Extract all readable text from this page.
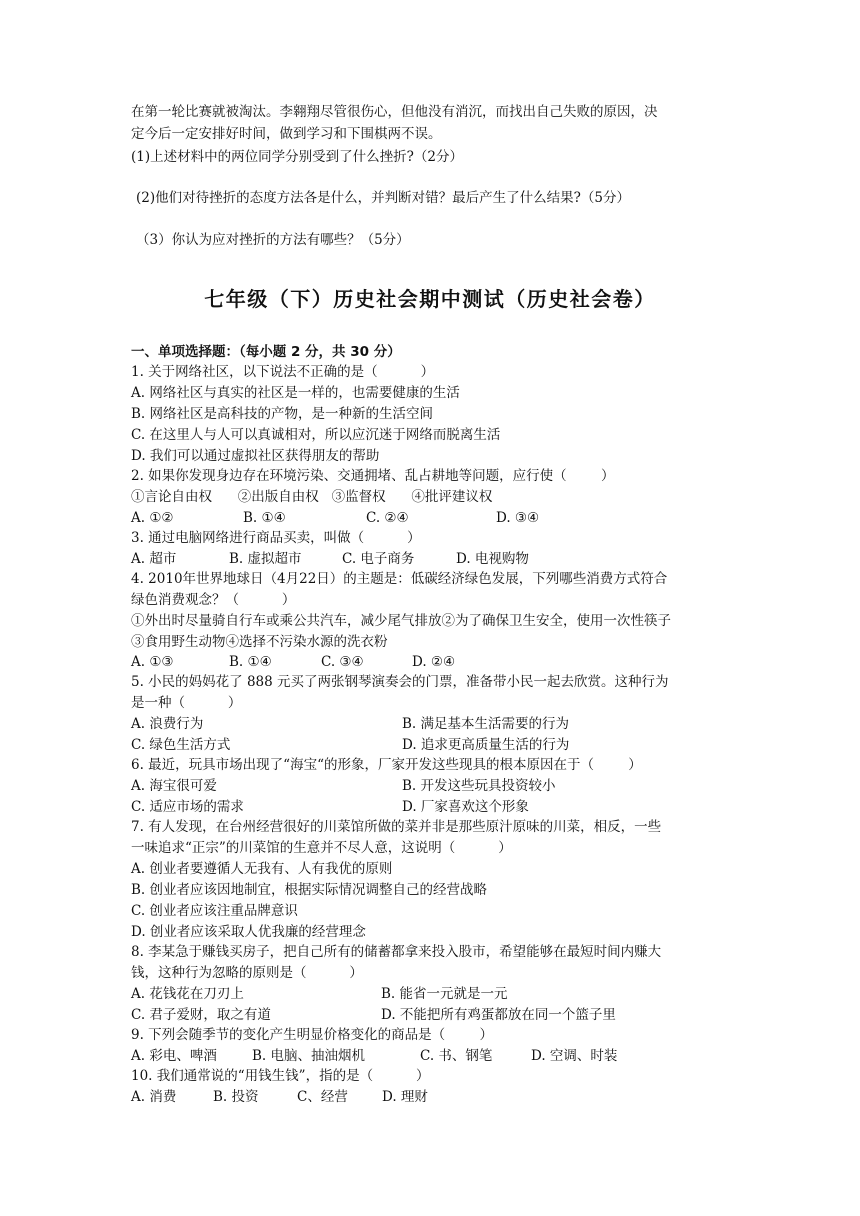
在第一轮比赛就被淘汰。李翱翔尽管很伤心，但他没有消沉，而找出自己失败的原因，决
定今后一定安排好时间，做到学习和下围棋两不误。
(1)上述材料中的两位同学分别受到了什么挫折?（2分）
(2)他们对待挫折的态度方法各是什么，并判断对错？最后产生了什么结果?（5分）
（3）你认为应对挫折的方法有哪些？（5分）
七年级（下）历史社会期中测试（历史社会卷）
一、单项选择题：（每小题 2 分，共 30 分）
1. 关于网络社区，以下说法不正确的是（          ）
A. 网络社区与真实的社区是一样的，也需要健康的生活
B. 网络社区是高科技的产物，是一种新的生活空间
C. 在这里人与人可以真诚相对，所以应沉迷于网络而脱离生活
D. 我们可以通过虚拟社区获得朋友的帮助
2. 如果你发现身边存在环境污染、交通拥堵、乱占耕地等问题，应行使（        ）
①言论自由权      ②出版自由权   ③监督权      ④批评建议权
A. ①②	B. ①④	C. ②④	D. ③④
3. 通过电脑网络进行商品买卖，叫做（          ）
A. 超市	B. 虚拟超市	C. 电子商务	D. 电视购物
4. 2010年世界地球日（4月22日）的主题是：低碳经济绿色发展，下列哪些消费方式符合
绿色消费观念？（          ）
①外出时尽量骑自行车或乘公共汽车，减少尾气排放②为了确保卫生安全，使用一次性筷子
③食用野生动物④选择不污染水源的洗衣粉
A. ①③	B. ①④	C. ③④	D. ②④
5. 小民的妈妈花了 888 元买了两张钢琴演奏会的门票，准备带小民一起去欣赏。这种行为
是一种（          ）
A. 浪费行为	B. 满足基本生活需要的行为
C. 绿色生活方式	D. 追求更高质量生活的行为
6. 最近，玩具市场出现了“海宝“的形象，厂家开发这些现具的根本原因在于（        ）
A. 海宝很可爱	B. 开发这些玩具投资较小
C. 适应市场的需求	D. 厂家喜欢这个形象
7. 有人发现，在台州经营很好的川菜馆所做的菜并非是那些原汁原味的川菜，相反，一些
一味追求“正宗”的川菜馆的生意并不尽人意，这说明（          ）
A. 创业者要遵循人无我有、人有我优的原则
B. 创业者应该因地制宜，根据实际情况调整自己的经营战略
C. 创业者应该注重品牌意识
D. 创业者应该采取人优我廉的经营理念
8. 李某急于赚钱买房子，把自己所有的储蓄都拿来投入股市，希望能够在最短时间内赚大
钱，这种行为忽略的原则是（          ）
A. 花钱花在刀刃上	B. 能省一元就是一元
C. 君子爱财，取之有道	D. 不能把所有鸡蛋都放在同一个篮子里
9. 下列会随季节的变化产生明显价格变化的商品是（        ）
A. 彩电、啤酒	B. 电脑、抽油烟机	C. 书、钢笔	D. 空调、时装
10. 我们通常说的“用钱生钱”，指的是（          ）
A. 消费	B. 投资	C、经营	D. 理财
